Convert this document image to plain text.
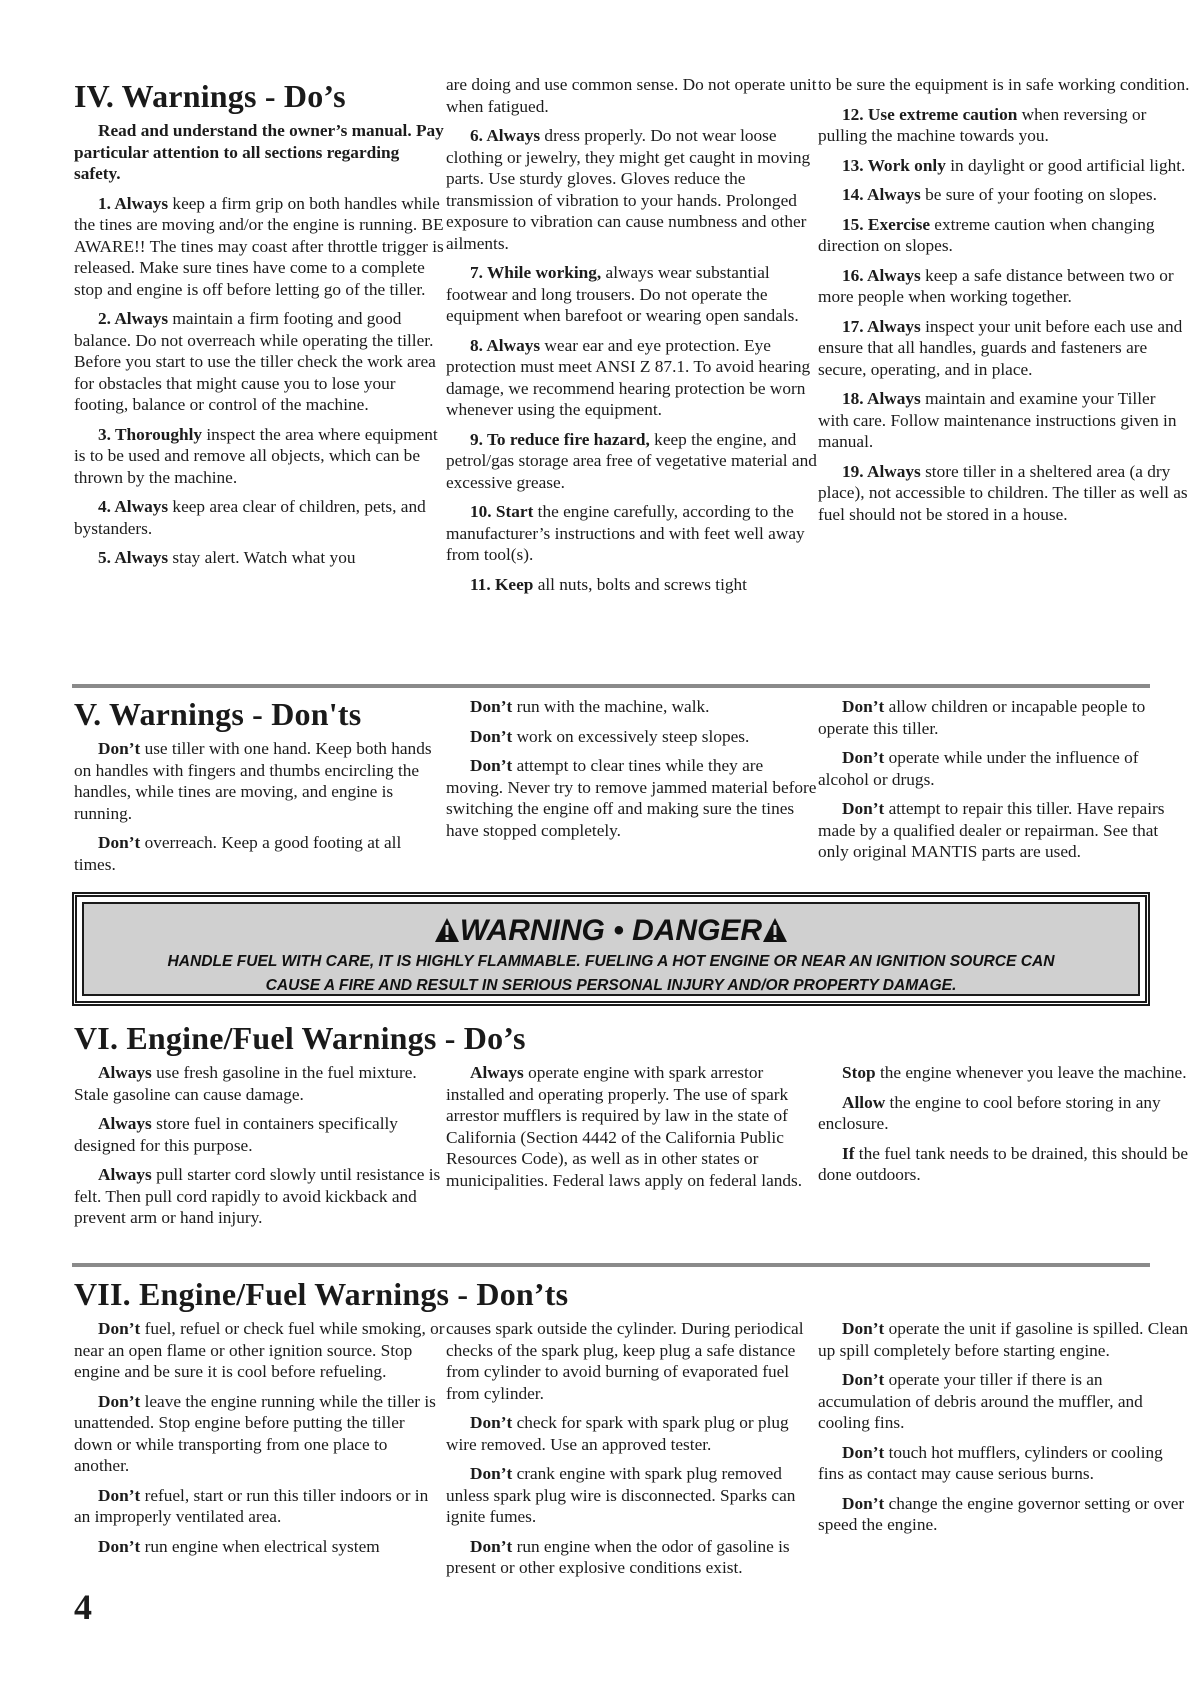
IV. Warnings - Do’s

Read and understand the owner’s manual. Pay particular attention to all sections regarding safety.

1. Always keep a firm grip on both handles while the tines are moving and/or the engine is running. BE AWARE!! The tines may coast after throttle trigger is released. Make sure tines have come to a complete stop and engine is off before letting go of the tiller.

2. Always maintain a firm footing and good balance. Do not overreach while operating the tiller. Before you start to use the tiller check the work area for obstacles that might cause you to lose your footing, balance or control of the machine.

3. Thoroughly inspect the area where equipment is to be used and remove all objects, which can be thrown by the machine.

4. Always keep area clear of children, pets, and bystanders.

5. Always stay alert. Watch what you

are doing and use common sense. Do not operate unit when fatigued.

6. Always dress properly. Do not wear loose clothing or jewelry, they might get caught in moving parts. Use sturdy gloves. Gloves reduce the transmission of vibration to your hands. Prolonged exposure to vibration can cause numbness and other ailments.

7. While working, always wear substantial footwear and long trousers. Do not operate the equipment when barefoot or wearing open sandals.

8. Always wear ear and eye protection. Eye protection must meet ANSI Z 87.1. To avoid hearing damage, we recommend hearing protection be worn whenever using the equipment.

9. To reduce fire hazard, keep the engine, and petrol/gas storage area free of vegetative material and excessive grease.

10. Start the engine carefully, according to the manufacturer’s instructions and with feet well away from tool(s).

11. Keep all nuts, bolts and screws tight

to be sure the equipment is in safe working condition.

12. Use extreme caution when reversing or pulling the machine towards you.

13. Work only in daylight or good artificial light.

14. Always be sure of your footing on slopes.

15. Exercise extreme caution when changing direction on slopes.

16. Always keep a safe distance between two or more people when working together.

17. Always inspect your unit before each use and ensure that all handles, guards and fasteners are secure, operating, and in place.

18. Always maintain and examine your Tiller with care. Follow maintenance instructions given in manual.

19. Always store tiller in a sheltered area (a dry place), not accessible to children. The tiller as well as fuel should not be stored in a house.

V. Warnings - Don'ts

Don’t use tiller with one hand. Keep both hands on handles with fingers and thumbs encircling the handles, while tines are moving, and engine is running.

Don’t overreach. Keep a good footing at all times.

Don’t run with the machine, walk.

Don’t work on excessively steep slopes.

Don’t attempt to clear tines while they are moving. Never try to remove jammed material before switching the engine off and making sure the tines have stopped completely.

Don’t allow children or incapable people to operate this tiller.

Don’t operate while under the influence of alcohol or drugs.

Don’t attempt to repair this tiller. Have repairs made by a qualified dealer or repairman. See that only original MANTIS parts are used.

WARNING • DANGER
HANDLE FUEL WITH CARE, IT IS HIGHLY FLAMMABLE. FUELING A HOT ENGINE OR NEAR AN IGNITION SOURCE CAN
CAUSE A FIRE AND RESULT IN SERIOUS PERSONAL INJURY AND/OR PROPERTY DAMAGE.
VI. Engine/Fuel Warnings - Do’s

Always use fresh gasoline in the fuel mixture. Stale gasoline can cause damage.

Always store fuel in containers specifically designed for this purpose.

Always pull starter cord slowly until resistance is felt. Then pull cord rapidly to avoid kickback and prevent arm or hand injury.

Always operate engine with spark arrestor installed and operating properly. The use of spark arrestor mufflers is required by law in the state of California (Section 4442 of the California Public Resources Code), as well as in other states or municipalities. Federal laws apply on federal lands.

Stop the engine whenever you leave the machine.

Allow the engine to cool before storing in any enclosure.

If the fuel tank needs to be drained, this should be done outdoors.

VII. Engine/Fuel Warnings - Don’ts

Don’t fuel, refuel or check fuel while smoking, or near an open flame or other ignition source. Stop engine and be sure it is cool before refueling.

Don’t leave the engine running while the tiller is unattended. Stop engine before putting the tiller down or while transporting from one place to another.

Don’t refuel, start or run this tiller indoors or in an improperly ventilated area.

Don’t run engine when electrical system

causes spark outside the cylinder. During periodical checks of the spark plug, keep plug a safe distance from cylinder to avoid burning of evaporated fuel from cylinder.

Don’t check for spark with spark plug or plug wire removed. Use an approved tester.

Don’t crank engine with spark plug removed unless spark plug wire is disconnected. Sparks can ignite fumes.

Don’t run engine when the odor of gasoline is present or other explosive conditions exist.

Don’t operate the unit if gasoline is spilled. Clean up spill completely before starting engine.

Don’t operate your tiller if there is an accumulation of debris around the muffler, and cooling fins.

Don’t touch hot mufflers, cylinders or cooling fins as contact may cause serious burns.

Don’t change the engine governor setting or over speed the engine.

4
